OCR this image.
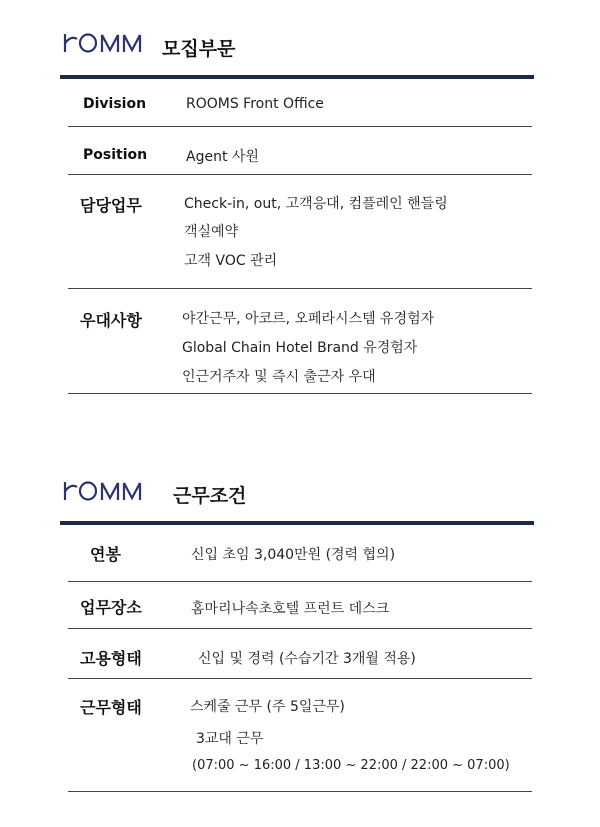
모집부문
Division	ROOMS Front Office
Position	Agent 사원
담당업무	Check-in, out, 고객응대, 컴플레인 핸들링
객실예약
고객 VOC 관리
우대사항	야간근무, 아코르, 오페라시스템 유경험자
Global Chain Hotel Brand 유경험자
인근거주자 및 즉시 출근자 우대
근무조건
연봉	신입 초임 3,040만원 (경력 협의)
업무장소	홈마리나속초호텔 프런트 데스크
고용형태	신입 및 경력 (수습기간 3개월 적용)
근무형태	스케줄 근무 (주 5일근무)
3교대 근무
(07:00 ~ 16:00 / 13:00 ~ 22:00 / 22:00 ~ 07:00)
